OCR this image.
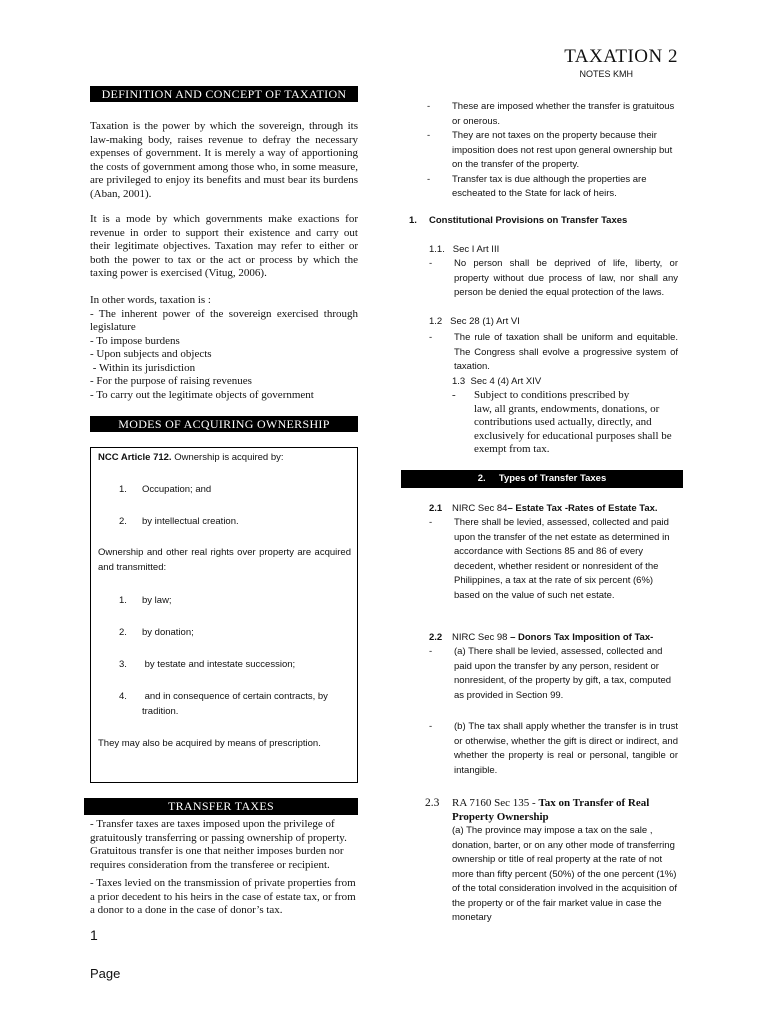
TAXATION 2
NOTES KMH
DEFINITION AND CONCEPT OF TAXATION
Taxation is the power by which the sovereign, through its law-making body, raises revenue to defray the necessary expenses of government. It is merely a way of apportioning the costs of government among those who, in some measure, are privileged to enjoy its benefits and must bear its burdens (Aban, 2001).
It is a mode by which governments make exactions for revenue in order to support their existence and carry out their legitimate objectives. Taxation may refer to either or both the power to tax or the act or process by which the taxing power is exercised (Vitug, 2006).
In other words, taxation is :
- The inherent power of the sovereign exercised through legislature
- To impose burdens
- Upon subjects and objects
- Within its jurisdiction
- For the purpose of raising revenues
- To carry out the legitimate objects of government
MODES OF ACQUIRING OWNERSHIP
NCC Article 712. Ownership is acquired by:
1. Occupation; and
2. by intellectual creation.
Ownership and other real rights over property are acquired and transmitted:
1. by law;
2. by donation;
3. by testate and intestate succession;
4. and in consequence of certain contracts, by
tradition.
They may also be acquired by means of prescription.
TRANSFER TAXES
- Transfer taxes are taxes imposed upon the privilege of gratuitously transferring or passing ownership of property. Gratuitous transfer is one that neither imposes burden nor requires consideration from the transferee or recipient.
- Taxes levied on the transmission of private properties from a prior decedent to his heirs in the case of estate tax, or from a donor to a done in the case of donor’s tax.
- These are imposed whether the transfer is gratuitous or onerous.
- They are not taxes on the property because their imposition does not rest upon general ownership but on the transfer of the property.
- Transfer tax is due although the properties are escheated to the State for lack of heirs.
1. Constitutional Provisions on Transfer Taxes
1.1.   Sec I Art III
- No person shall be deprived of life, liberty, or property without due process of law, nor shall any person be denied the equal protection of the laws.
1.2   Sec 28 (1) Art VI
- The rule of taxation shall be uniform and equitable. The Congress shall evolve a progressive system of taxation.
1.3  Sec 4 (4) Art XIV
- Subject to conditions prescribed by
law, all grants, endowments, donations, or contributions used actually, directly, and exclusively for educational purposes shall be exempt from tax.
2.     Types of Transfer Taxes
2.1 NIRC Sec 84– Estate Tax -Rates of Estate Tax.
- There shall be levied, assessed, collected and paid upon the transfer of the net estate as determined in accordance with Sections 85 and 86 of every decedent, whether resident or nonresident of the Philippines, a tax at the rate of six percent (6%) based on the value of such net estate.
2.2 NIRC Sec 98 – Donors Tax Imposition of Tax-
- (a) There shall be levied, assessed, collected and paid upon the transfer by any person, resident or nonresident, of the property by gift, a tax, computed as provided in Section 99.
- (b) The tax shall apply whether the transfer is in trust or otherwise, whether the gift is direct or indirect, and whether the property is real or personal, tangible or intangible.
2.3 RA 7160 Sec 135 - Tax on Transfer of Real Property Ownership
(a) The province may impose a tax on the sale , donation, barter, or on any other mode of transferring ownership or title of real property at the rate of not more than fifty percent (50%) of the one percent (1%) of the total consideration involved in the acquisition of the property or of the fair market value in case the monetary
1
Page
